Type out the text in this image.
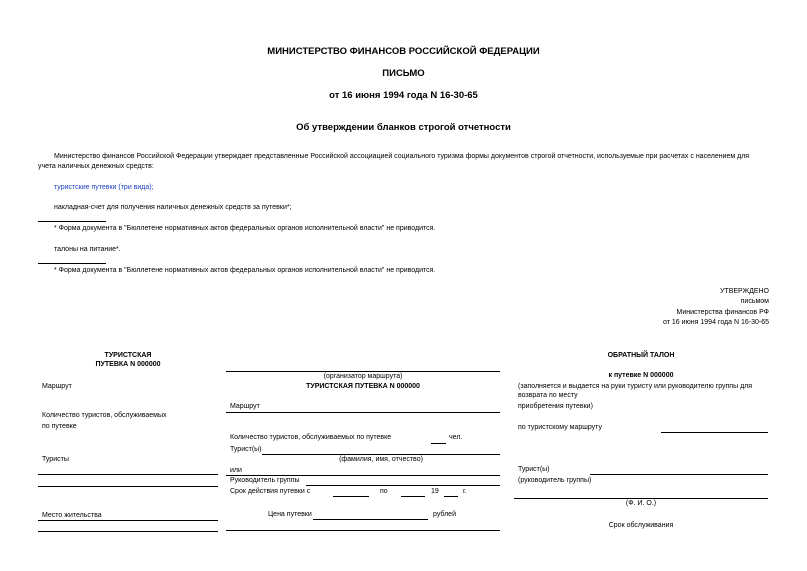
МИНИСТЕРСТВО ФИНАНСОВ РОССИЙСКОЙ ФЕДЕРАЦИИ
ПИСЬМО
от 16 июня 1994 года N 16-30-65
Об утверждении бланков строгой отчетности
Министерство финансов Российской Федерации утверждает представленные Российской ассоциацией социального туризма формы документов строгой отчетности, используемые при расчетах с населением для
учета наличных денежных средств:
туристские путевки (три вида);
накладная-счет для получения наличных денежных средств за путевки*;
* Форма документа в "Бюллетене нормативных актов федеральных органов исполнительной власти" не приводится.
талоны на питание*.
* Форма документа в "Бюллетене нормативных актов федеральных органов исполнительной власти" не приводится.
УТВЕРЖДЕНО
письмом
Министерства финансов РФ
от 16 июня 1994 года N 16-30-65
ТУРИСТСКАЯ
ПУТЕВКА N 000000
Маршрут
Количество туристов, обслуживаемых
по путевке
Туристы
Место жительства
(организатор маршрута)
ТУРИСТСКАЯ ПУТЕВКА N 000000
Маршрут
Количество туристов, обслуживаемых по путевке	чел.
Турист(ы)
(фамилия, имя, отчество)
или
Руководитель группы
Срок действия путевки с	по	19	г.
Цена путевки	рублей
ОБРАТНЫЙ ТАЛОН
к путевке N 000000
(заполняется и выдается на руки туристу или руководителю группы для
возврата по месту
приобретения путевки)
по туристскому маршруту
Турист(ы)
(руководитель группы)
(Ф. И. О.)
Срок обслуживания
